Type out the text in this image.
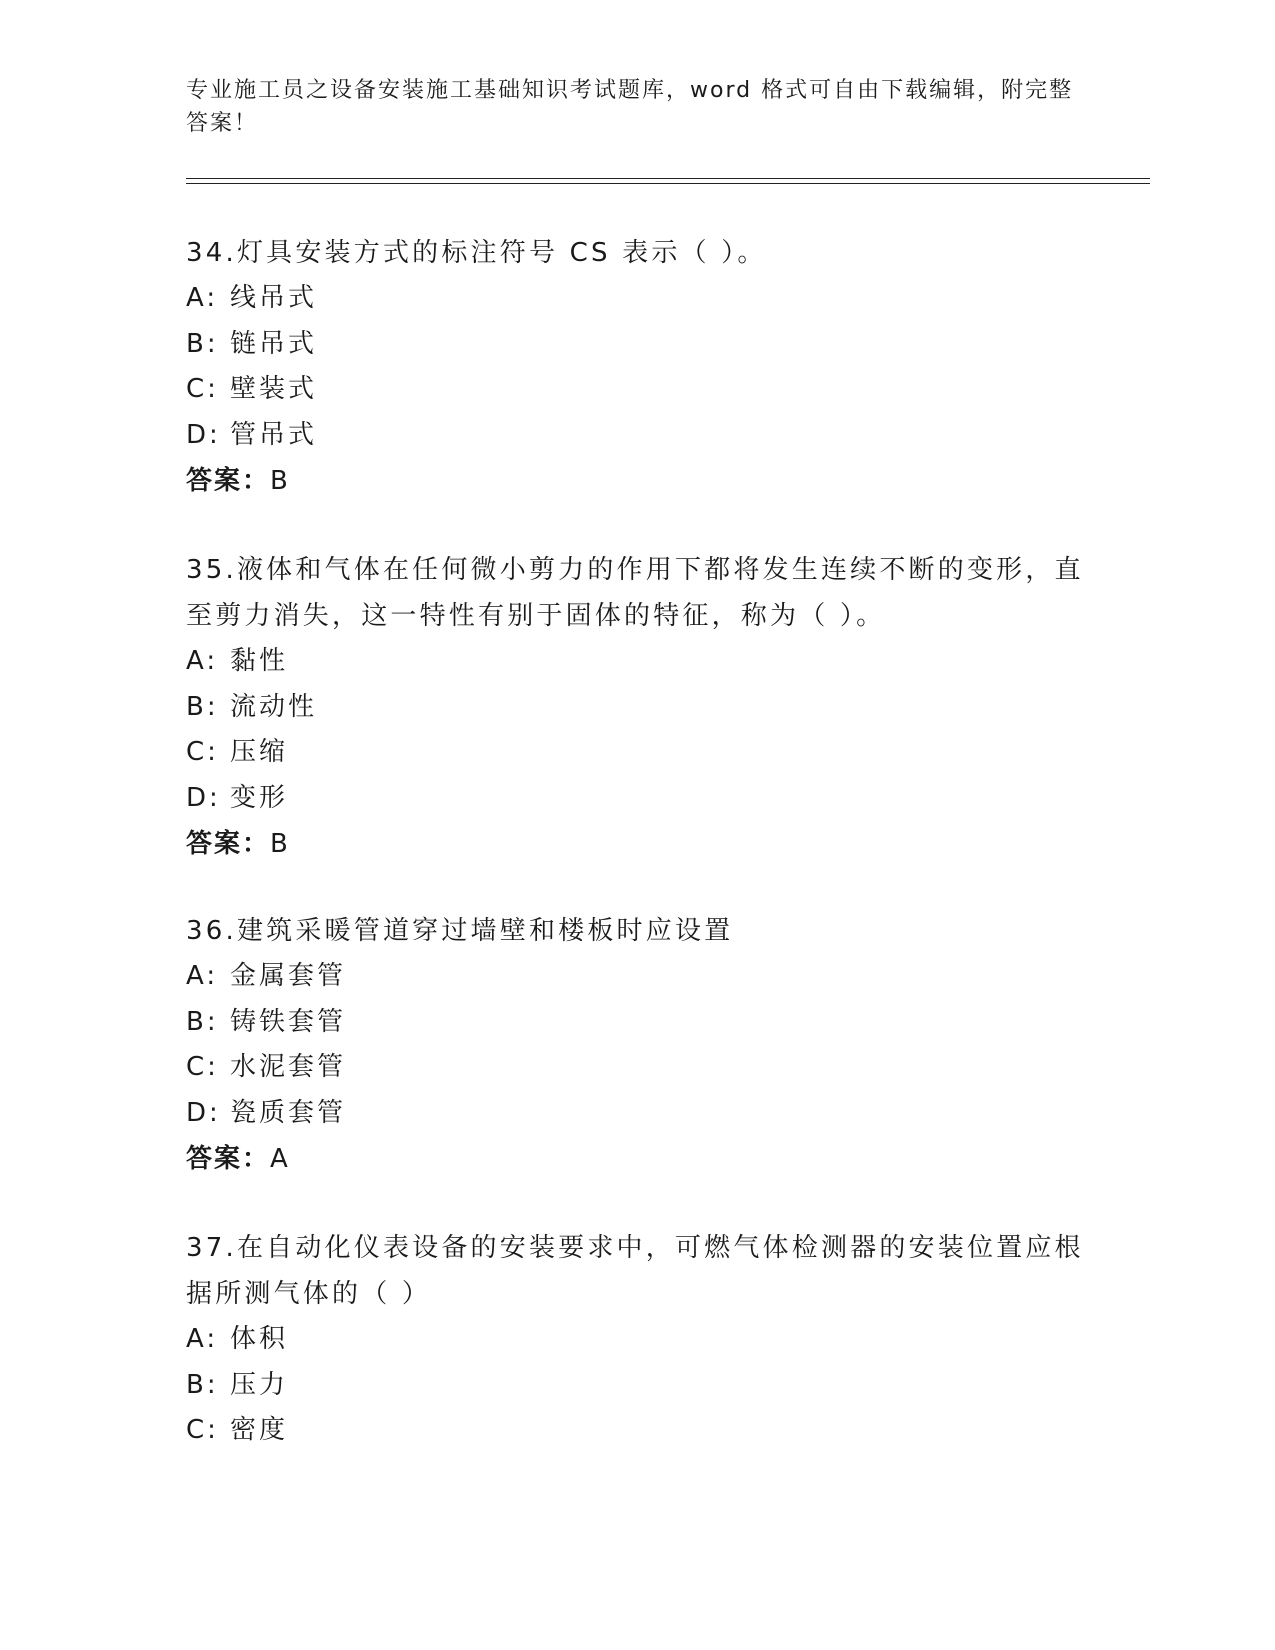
专业施工员之设备安装施工基础知识考试题库，word 格式可自由下载编辑，附完整答案！

34.灯具安装方式的标注符号 CS 表示（ ）。

A: 线吊式

B: 链吊式

C: 壁装式

D: 管吊式

答案：B

35.液体和气体在任何微小剪力的作用下都将发生连续不断的变形，直至剪力消失，这一特性有别于固体的特征，称为（ ）。

A: 黏性

B: 流动性

C: 压缩

D: 变形

答案：B

36.建筑采暖管道穿过墙壁和楼板时应设置

A: 金属套管

B: 铸铁套管

C: 水泥套管

D: 瓷质套管

答案：A

37.在自动化仪表设备的安装要求中，可燃气体检测器的安装位置应根据所测气体的（ ）

A: 体积

B: 压力

C: 密度
